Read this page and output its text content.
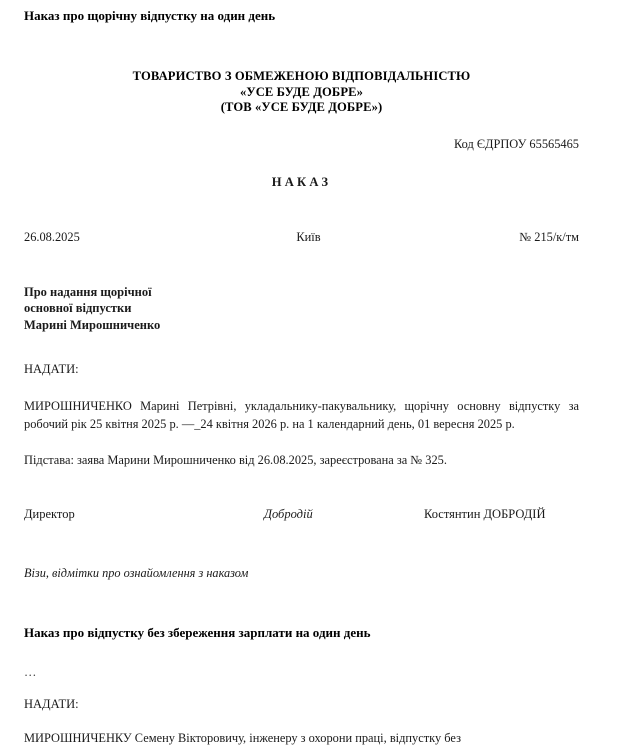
Наказ про щорічну відпустку на один день
ТОВАРИСТВО З ОБМЕЖЕНОЮ ВІДПОВІДАЛЬНІСТЮ
«УСЕ БУДЕ ДОБРЕ»
(ТОВ «УСЕ БУДЕ ДОБРЕ»)
Код ЄДРПОУ 65565465
НАКАЗ
26.08.2025	Київ	№ 215/к/тм
Про надання щорічної
основної відпустки
Марині Мирошниченко
НАДАТИ:
МИРОШНИЧЕНКО Марині Петрівні, укладальнику-пакувальнику, щорічну основну відпустку за робочий рік 25 квітня 2025 р. —_24 квітня 2026 р. на 1 календарний день, 01 вересня 2025 р.
Підстава: заява Марини Мирошниченко від 26.08.2025, зареєстрована за № 325.
Директор	Добродій	Костянтин ДОБРОДІЙ
Візи, відмітки про ознайомлення з наказом
Наказ про відпустку без збереження зарплати на один день
…
НАДАТИ:
МИРОШНИЧЕНКУ Семену Вікторовичу, інженеру з охорони праці, відпустку без
